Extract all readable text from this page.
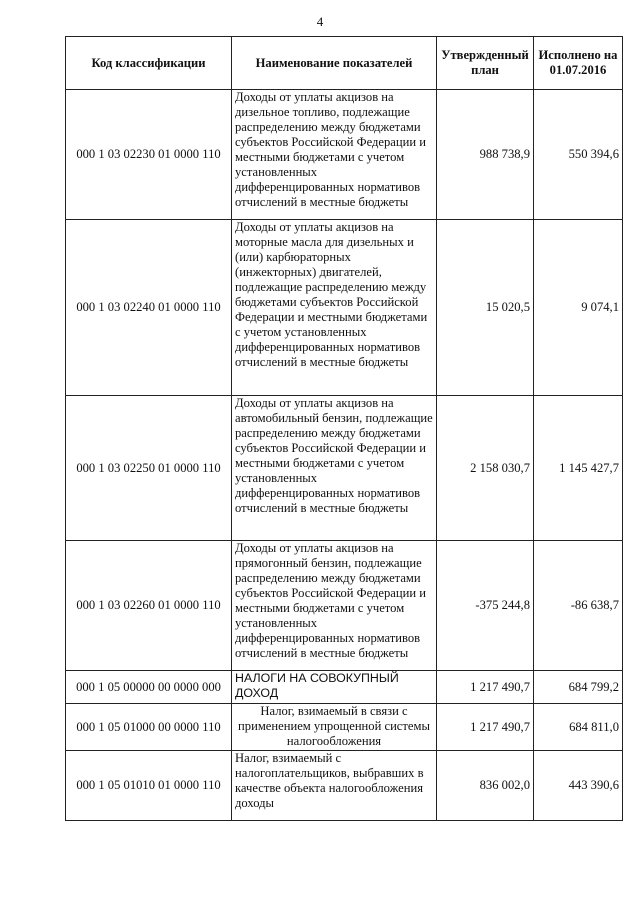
4
Код классификации	Наименование показателей	Утвержденный план	Исполнено на 01.07.2016
000 1 03 02230 01 0000 110	Доходы от уплаты акцизов на дизельное топливо, подлежащие распределению между бюджетами субъектов Российской Федерации и местными бюджетами с учетом установленных дифференцированных нормативов отчислений в местные бюджеты	988 738,9	550 394,6
000 1 03 02240 01 0000 110	Доходы от уплаты акцизов на моторные масла для дизельных и (или) карбюраторных (инжекторных) двигателей, подлежащие распределению между бюджетами субъектов Российской Федерации и местными бюджетами с учетом установленных дифференцированных нормативов отчислений в местные бюджеты	15 020,5	9 074,1
000 1 03 02250 01 0000 110	Доходы от уплаты акцизов на автомобильный бензин, подлежащие распределению между бюджетами субъектов Российской Федерации и местными бюджетами с учетом установленных дифференцированных нормативов отчислений в местные бюджеты	2 158 030,7	1 145 427,7
000 1 03 02260 01 0000 110	Доходы от уплаты акцизов на прямогонный бензин, подлежащие распределению между бюджетами субъектов Российской Федерации и местными бюджетами с учетом установленных дифференцированных нормативов отчислений в местные бюджеты	-375 244,8	-86 638,7
000 1 05 00000 00 0000 000	НАЛОГИ НА СОВОКУПНЫЙ ДОХОД	1 217 490,7	684 799,2
000 1 05 01000 00 0000 110	Налог, взимаемый в связи с применением упрощенной системы налогообложения	1 217 490,7	684 811,0
000 1 05 01010 01 0000 110	Налог, взимаемый с налогоплательщиков, выбравших в качестве объекта налогообложения доходы	836 002,0	443 390,6
